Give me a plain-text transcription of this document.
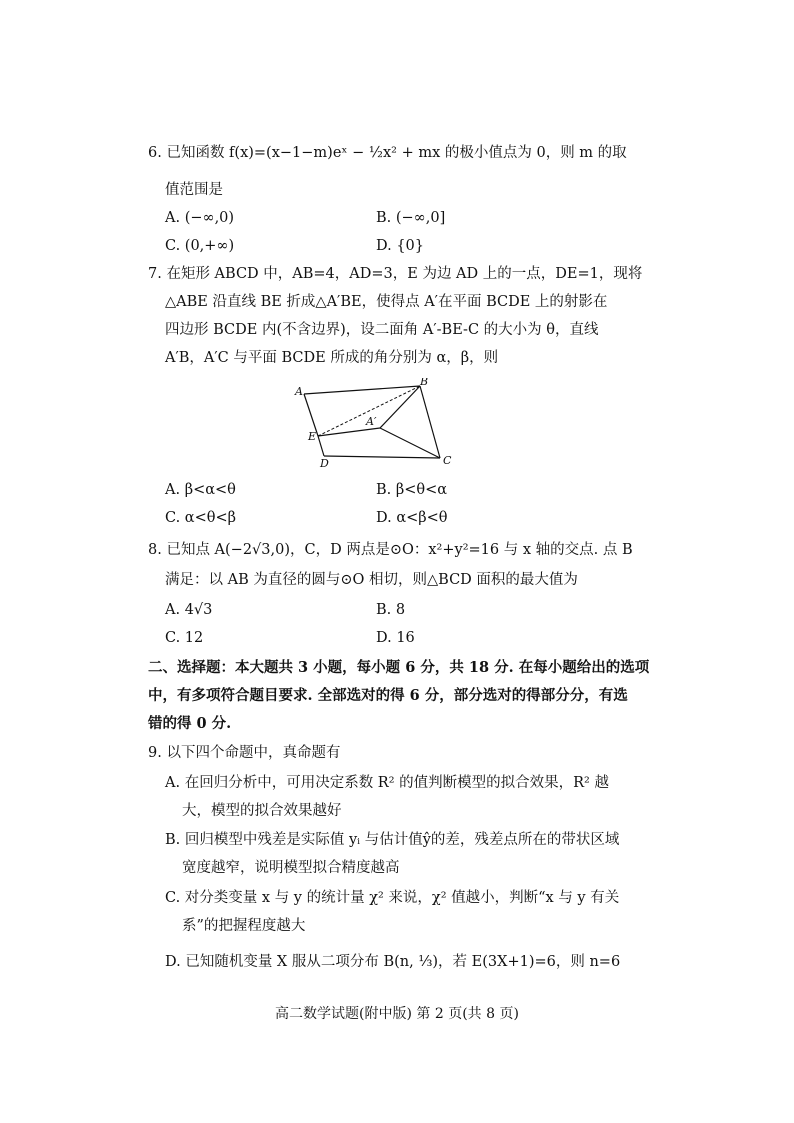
6. 已知函数 f(x)=(x−1−m)eˣ − ½x² + mx 的极小值点为 0，则 m 的取
值范围是
A. (−∞,0)	B. (−∞,0]
C. (0,+∞)	D. {0}
7. 在矩形 ABCD 中，AB=4，AD=3，E 为边 AD 上的一点，DE=1，现将
△ABE 沿直线 BE 折成△A′BE，使得点 A′在平面 BCDE 上的射影在
四边形 BCDE 内(不含边界)，设二面角 A′-BE-C 的大小为 θ，直线
A′B，A′C 与平面 BCDE 所成的角分别为 α，β，则
A
B
C
D
E
A′
A. β<α<θ	B. β<θ<α
C. α<θ<β	D. α<β<θ
8. 已知点 A(−2√3,0)，C，D 两点是⊙O：x²+y²=16 与 x 轴的交点. 点 B
满足：以 AB 为直径的圆与⊙O 相切，则△BCD 面积的最大值为
A. 4√3	B. 8
C. 12	D. 16
二、选择题：本大题共 3 小题，每小题 6 分，共 18 分. 在每小题给出的选项
中，有多项符合题目要求. 全部选对的得 6 分，部分选对的得部分分，有选
错的得 0 分.
9. 以下四个命题中，真命题有
A. 在回归分析中，可用决定系数 R² 的值判断模型的拟合效果，R² 越
大，模型的拟合效果越好
B. 回归模型中残差是实际值 yᵢ 与估计值ŷ的差，残差点所在的带状区域
宽度越窄，说明模型拟合精度越高
C. 对分类变量 x 与 y 的统计量 χ² 来说，χ² 值越小，判断“x 与 y 有关
系”的把握程度越大
D. 已知随机变量 X 服从二项分布 B(n, ⅓)，若 E(3X+1)=6，则 n=6
高二数学试题(附中版) 第 2 页(共 8 页)
